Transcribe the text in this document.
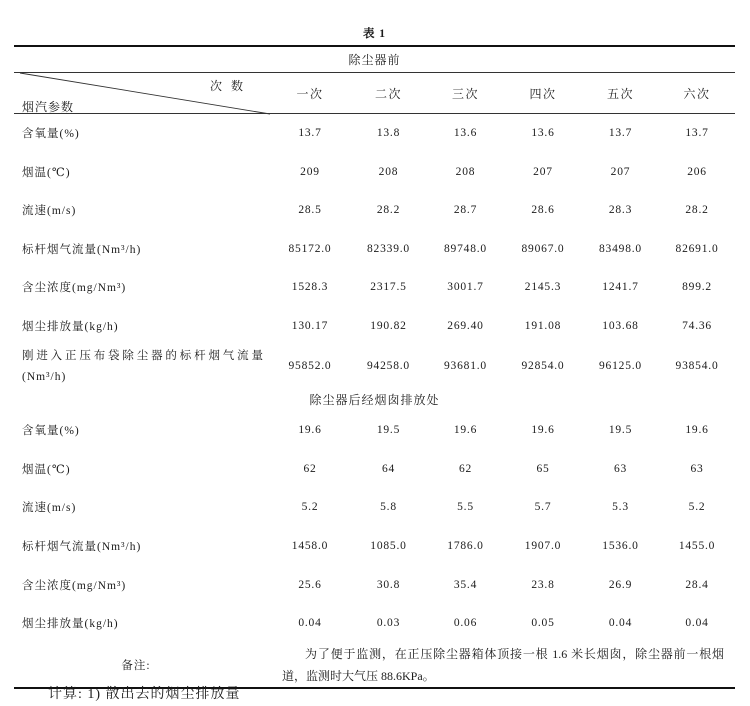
表 1
除尘器前						

次 数
烟汽参数	一次	二次	三次	四次	五次	六次
含氧量(%)	13.7	13.8	13.6	13.6	13.7	13.7
烟温(℃)	209	208	208	207	207	206
流速(m/s)	28.5	28.2	28.7	28.6	28.3	28.2
标杆烟气流量(Nm³/h)	85172.0	82339.0	89748.0	89067.0	83498.0	82691.0
含尘浓度(mg/Nm³)	1528.3	2317.5	3001.7	2145.3	1241.7	899.2
烟尘排放量(kg/h)	130.17	190.82	269.40	191.08	103.68	74.36

刚进入正压布袋除尘器的标杆烟气流量
(Nm³/h)	95852.0	94258.0	93681.0	92854.0	96125.0	93854.0
除尘器后经烟囱排放处						
含氧量(%)	19.6	19.5	19.6	19.6	19.5	19.6
烟温(℃)	62	64	62	65	63	63
流速(m/s)	5.2	5.8	5.5	5.7	5.3	5.2
标杆烟气流量(Nm³/h)	1458.0	1085.0	1786.0	1907.0	1536.0	1455.0
含尘浓度(mg/Nm³)	25.6	30.8	35.4	23.8	26.9	28.4
烟尘排放量(kg/h)	0.04	0.03	0.06	0.05	0.04	0.04
备注:	为了便于监测，在正压除尘器箱体顶接一根 1.6 米长烟囱，除尘器前一根烟
道，监测时大气压 88.6KPa。					
计算: 1) 散出去的烟尘排放量
